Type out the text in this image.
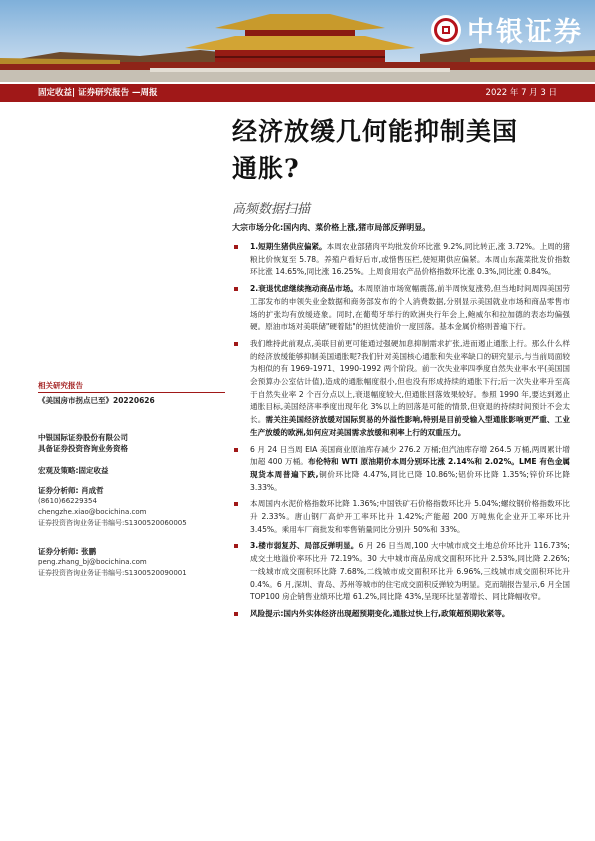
中银证券
固定收益| 证券研究报告 —周报	2022 年 7 月 3 日
经济放缓几何能抑制美国
通胀?
高频数据扫描
大宗市场分化:国内肉、菜价格上涨,猪市局部反弹明显。
相关研究报告
《美国房市拐点已至》20220626
中银国际证券股份有限公司
具备证券投资咨询业务资格
宏观及策略:固定收益
证券分析师: 肖成哲
(8610)66229354
chengzhe.xiao@bocichina.com
证券投资咨询业务证书编号:S1300520060005
证券分析师: 张鹏
peng.zhang_bj@bocichina.com
证券投资咨询业务证书编号:S1300520090001
1.短期生猪供应偏紧。本周农业部猪肉平均批发价环比涨 9.2%,同比转正,涨 3.72%。上周的猪粮比价恢复至 5.78。养殖户看好后市,或惜售压栏,使短期供应偏紧。本周山东蔬菜批发价指数环比涨 14.65%,同比涨 16.25%。上周食用农产品价格指数环比涨 0.3%,同比涨 0.84%。
2.衰退忧虑继续拖动商品市场。本周原油市场宽幅震荡,前半周恢复涨势,但当地时间周四美国劳工部发布的申领失业金数据和商务部发布的个人消费数据,分别显示美国就业市场和商品零售市场的扩张均有放缓迹象。同时,在葡萄牙举行的欧洲央行年会上,鲍威尔和拉加德的表态均偏强硬。原油市场对美联储"硬着陆"的担忧使油价一度回落。基本金属价格则普遍下行。
我们维持此前观点,美联目前更可能通过强硬加息抑制需求扩张,进而遏止通胀上行。那么什么样的经济放缓能够抑制美国通胀呢?我们针对美国核心通胀和失业率缺口的研究显示,与当前局面较为相似的有 1969-1971、1990-1992 两个阶段。前一次失业率四季度自然失业率水平(美国国会预算办公室估计值),造成的通胀幅度很小,但也没有形成持续的通胀下行;后一次失业率升至高于自然失业率 2 个百分点以上,衰退幅度较大,但通胀回落效果较好。参照 1990 年,要达到遏止通胀目标,美国经济率季度出现年化 3%以上的回落是可能的情景,但衰退的持续时间预计不会太长。需关注美国经济放缓对国际贸易的外溢性影响,特别是目前受输入型通胀影响更严重、工业生产放缓的欧洲,如何应对美国需求放缓和利率上行的双重压力。
6 月 24 日当周 EIA 美国商业原油库存减少 276.2 万桶;但汽油库存增 264.5 万桶,两周累计增加超 400 万桶。布伦特和 WTI 原油期价本周分别环比涨 2.14%和 2.02%。LME 有色金属现货本周普遍下跌,铜价环比降 4.47%,同比已降 10.86%;铝价环比降 1.35%;锌价环比降 3.33%。
本周国内水泥价格指数环比降 1.36%;中国铁矿石价格指数环比升 5.04%;螺纹钢价格指数环比升 2.33%。唐山钢厂高炉开工率环比升 1.42%;产能超 200 万吨焦化企业开工率环比升 3.45%。乘用车厂商批发和零售销量同比分别升 50%和 33%。
3.楼市弱复苏、局部反弹明显。6 月 26 日当周,100 大中城市成交土地总价环比升 116.73%;成交土地溢价率环比升 72.19%。30 大中城市商品房成交面积环比升 2.53%,同比降 2.26%;一线城市成交面积环比降 7.68%,二线城市成交面积环比升 6.96%,三线城市成交面积环比升 0.4%。6 月,深圳、青岛、苏州等城市的住宅成交面积反弹较为明显。克而瑞报告显示,6 月全国 TOP100 房企销售业绩环比增 61.2%,同比降 43%,呈现环比显著增长、同比降幅收窄。
风险提示:国内外实体经济出现超预期变化,通胀过快上行,政策超预期收紧等。
